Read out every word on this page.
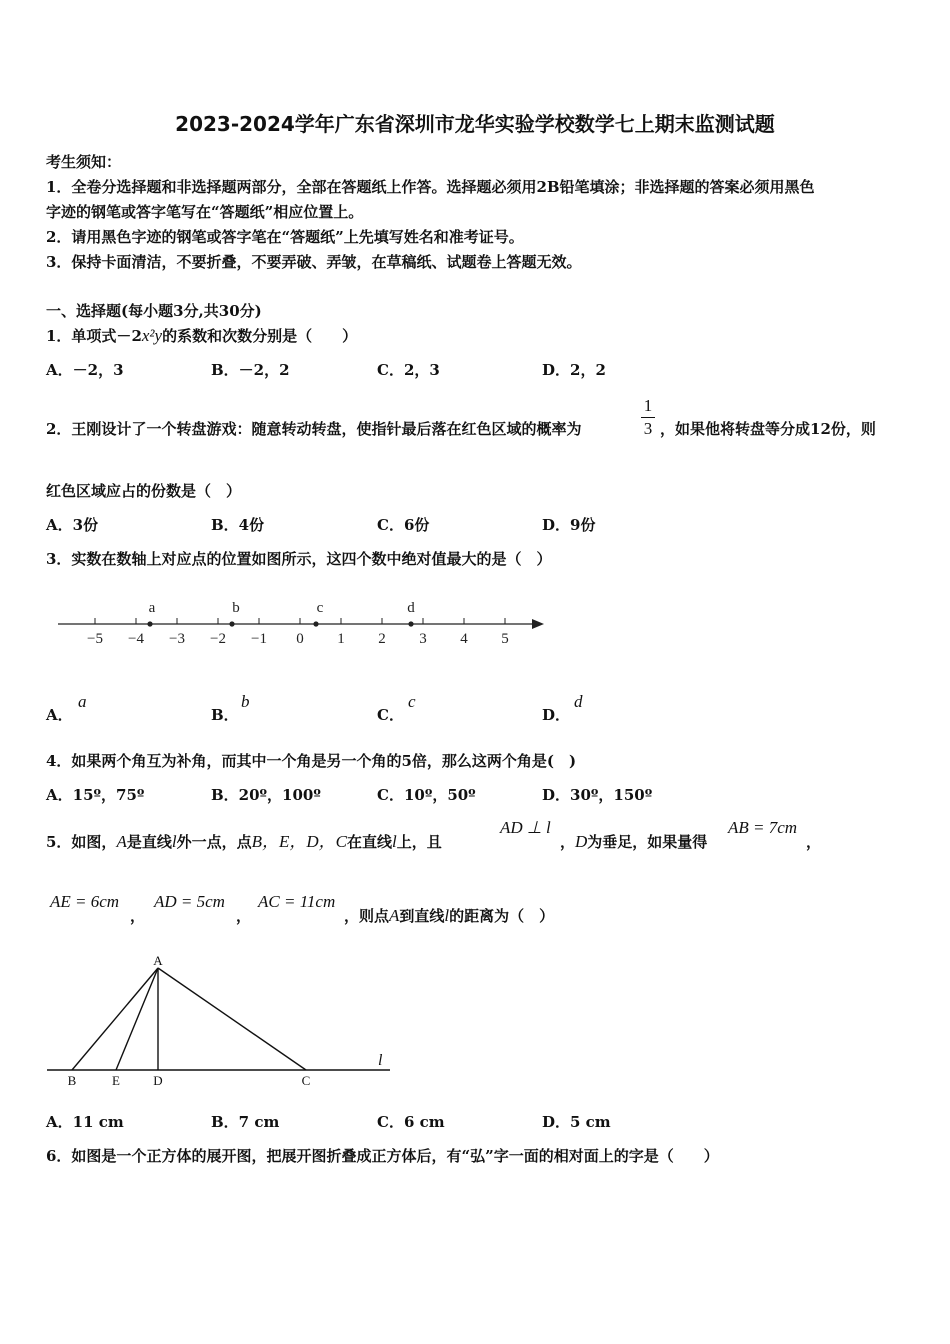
2023-2024学年广东省深圳市龙华实验学校数学七上期末监测试题
考生须知：
1．全卷分选择题和非选择题两部分，全部在答题纸上作答。选择题必须用2B铅笔填涂；非选择题的答案必须用黑色
字迹的钢笔或答字笔写在“答题纸”相应位置上。
2．请用黑色字迹的钢笔或答字笔在“答题纸”上先填写姓名和准考证号。
3．保持卡面清洁，不要折叠，不要弄破、弄皱，在草稿纸、试题卷上答题无效。
一、选择题(每小题3分,共30分)
1．单项式－2x²y的系数和次数分别是（　　）
A．－2，3	B．－2，2	C．2，3	D．2，2
2．王刚设计了一个转盘游戏：随意转动转盘，使指针最后落在红色区域的概率为
1
3 ，如果他将转盘等分成12份，则
红色区域应占的份数是（　）
A．3份	B．4份	C．6份	D．9份
3．实数在数轴上对应点的位置如图所示，这四个数中绝对值最大的是（　）
−5 −4 −3 −2 −1 0 1 2 3 4 5
a	b	c	d
A．
a
B．
b
C．
c
D．
d
4．如果两个角互为补角，而其中一个角是另一个角的5倍，那么这两个角是(　)
A．15º，75º	B．20º，100º	C．10º，50º	D．30º，150º
5．如图，A是直线l外一点，点B，E，D，C在直线l上，且
AD ⊥ l
，D为垂足，如果量得
AB = 7cm
，
AE = 6cm
，
AD = 5cm
，
AC = 11cm
，则点A到直线l的距离为（　）
A
B	E	D	C
l
A．11 cm	B．7 cm	C．6 cm	D．5 cm
6．如图是一个正方体的展开图，把展开图折叠成正方体后，有“弘”字一面的相对面上的字是（　　）
